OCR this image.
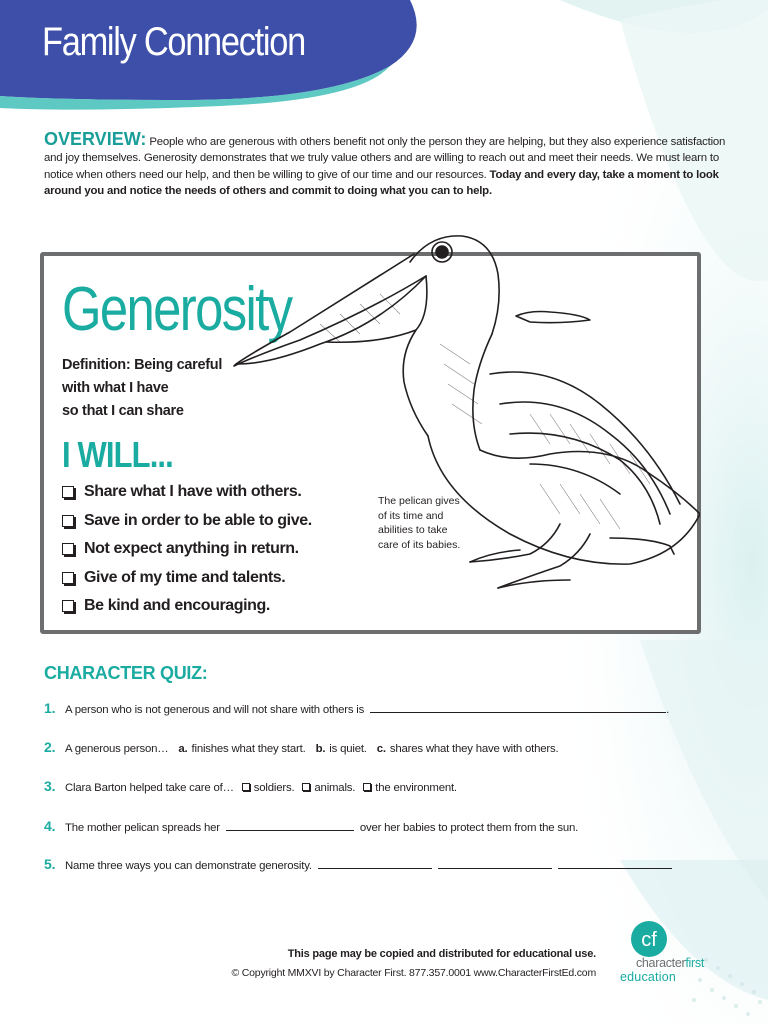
Family Connection
OVERVIEW: People who are generous with others benefit not only the person they are helping, but they also experience satisfaction and joy themselves. Generosity demonstrates that we truly value others and are willing to reach out and meet their needs. We must learn to notice when others need our help, and then be willing to give of our time and our resources. Today and every day, take a moment to look around you and notice the needs of others and commit to doing what you can to help.
Generosity
Definition: Being careful
with what I have
so that I can share
I WILL...
Share what I have with others.
Save in order to be able to give.
Not expect anything in return.
Give of my time and talents.
Be kind and encouraging.
The pelican gives
of its time and
abilities to take
care of its babies.
CHARACTER QUIZ:
1. A person who is not generous and will not share with others is	.
2. A generous person… a. finishes what they start. b. is quiet. c. shares what they have with others.
3. Clara Barton helped take care of… soldiers. animals. the environment.
4. The mother pelican spreads her	over her babies to protect them from the sun.
5. Name three ways you can demonstrate generosity.
This page may be copied and distributed for educational use.
© Copyright MMXVI by Character First. 877.357.0001 www.CharacterFirstEd.com
cf
characterfirst
education
